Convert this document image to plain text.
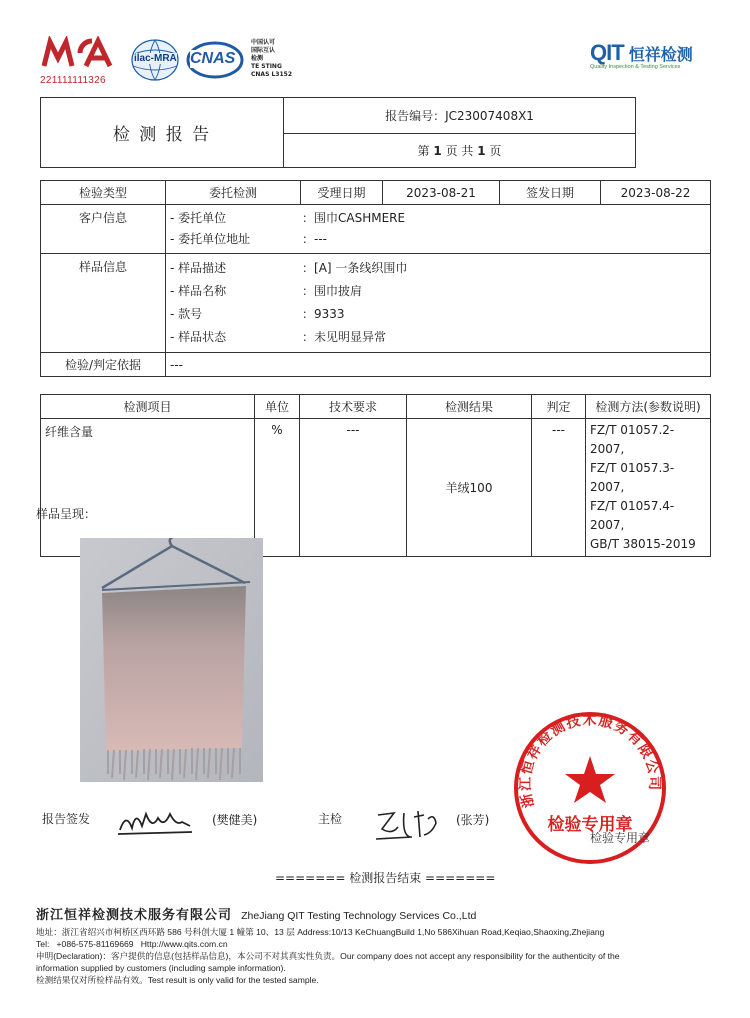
221111111326
ilac-MRA CNAS
中国认可
国际互认
检测
TE STING
CNAS L3152
QIT 恒祥检测
Quality Inspection & Testing Services
检 测 报 告	报告编号：JC23007408X1
第 1 页 共 1 页
检验类型	委托检测	受理日期	2023-08-21	签发日期	2023-08-22
客户信息	- 委托单位 ：围巾CASHMERE
- 委托单位地址 ：---				

样品信息	- 样品描述 ：[A] 一条线织围巾
- 样品名称 ：围巾披肩
- 款号 ：9333
- 样品状态 ：未见明显异常				

检验/判定依据	---				
检测项目	单位	技术要求	检测结果	判定	检测方法(参数说明)
纤维含量	%	---	羊绒100	---	FZ/T 01057.2-2007,
FZ/T 01057.3-2007,
FZ/T 01057.4-2007,
GB/T 38015-2019
样品呈现：
浙江恒祥检测技术服务有限公司
检验专用章
检验专用章
报告签发	(樊健美)	主检	(张芳)
======= 检测报告结束 =======
浙江恒祥检测技术服务有限公司 ZheJiang QIT Testing Technology Services Co.,Ltd
地址：浙江省绍兴市柯桥区西环路 586 号科创大厦 1 幢第 10、13 层 Address:10/13 KeChuangBuild 1,No 586Xihuan Road,Keqiao,Shaoxing,Zhejiang
Tel:   +086-575-81169669   Http://www.qits.com.cn
申明(Declaration)：客户提供的信息(包括样品信息)，本公司不对其真实性负责。Our company does not accept any responsibility for the authenticity of the
information supplied by customers (including sample information).
检测结果仅对所检样品有效。Test result is only valid for the tested sample.
